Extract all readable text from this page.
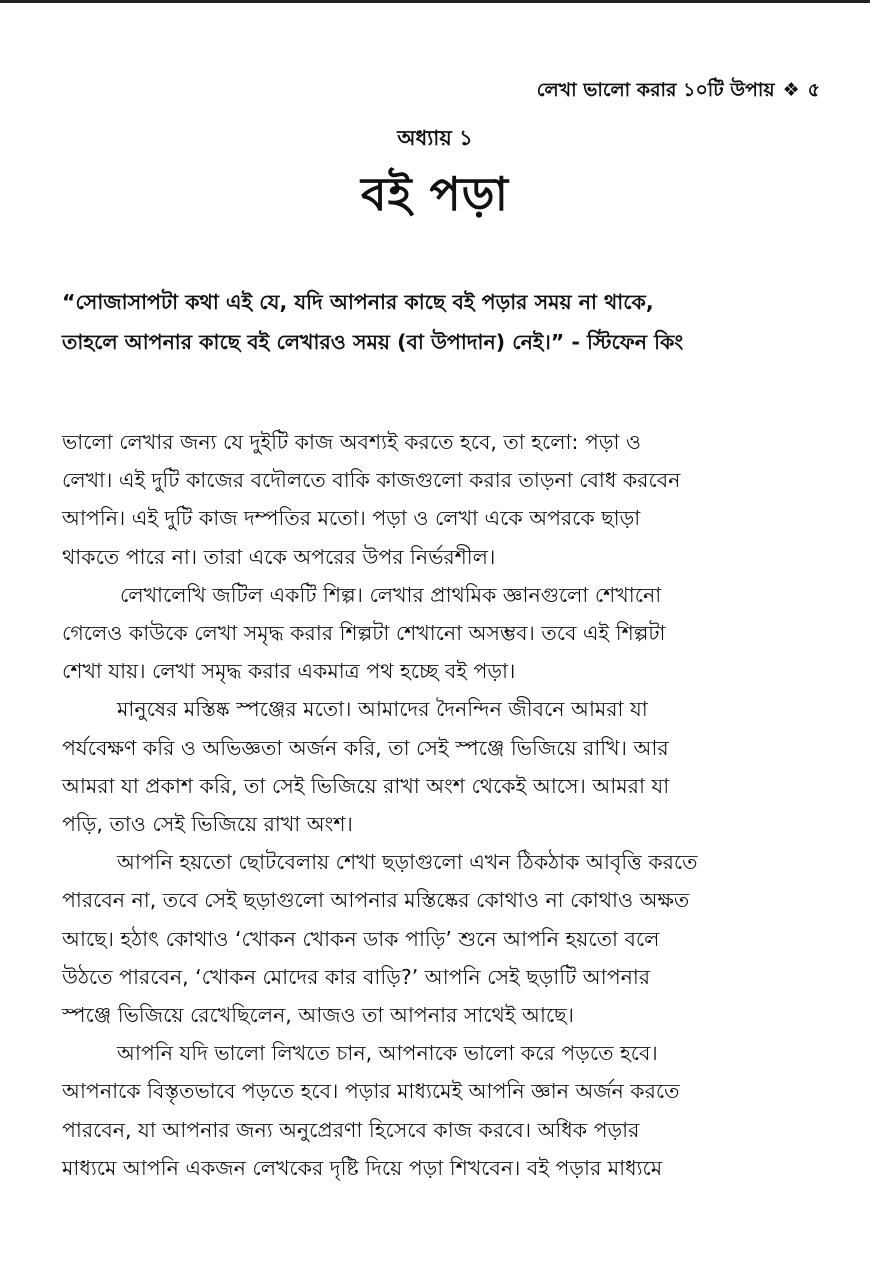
লেখা ভালো করার ১০টি উপায় ❖ ৫
অধ্যায় ১
বই পড়া
“সোজাসাপটা কথা এই যে, যদি আপনার কাছে বই পড়ার সময় না থাকে,
তাহলে আপনার কাছে বই লেখারও সময় (বা উপাদান) নেই।” - স্টিফেন কিং
ভালো লেখার জন্য যে দুইটি কাজ অবশ্যই করতে হবে, তা হলো: পড়া ও
লেখা। এই দুটি কাজের বদৌলতে বাকি কাজগুলো করার তাড়না বোধ করবেন
আপনি। এই দুটি কাজ দম্পতির মতো। পড়া ও লেখা একে অপরকে ছাড়া
থাকতে পারে না। তারা একে অপরের উপর নির্ভরশীল।
লেখালেখি জটিল একটি শিল্প। লেখার প্রাথমিক জ্ঞানগুলো শেখানো
গেলেও কাউকে লেখা সমৃদ্ধ করার শিল্পটা শেখানো অসম্ভব। তবে এই শিল্পটা
শেখা যায়। লেখা সমৃদ্ধ করার একমাত্র পথ হচ্ছে বই পড়া।
মানুষের মস্তিষ্ক স্পঞ্জের মতো। আমাদের দৈনন্দিন জীবনে আমরা যা
পর্যবেক্ষণ করি ও অভিজ্ঞতা অর্জন করি, তা সেই স্পঞ্জে ভিজিয়ে রাখি। আর
আমরা যা প্রকাশ করি, তা সেই ভিজিয়ে রাখা অংশ থেকেই আসে। আমরা যা
পড়ি, তাও সেই ভিজিয়ে রাখা অংশ।
আপনি হয়তো ছোটবেলায় শেখা ছড়াগুলো এখন ঠিকঠাক আবৃত্তি করতে
পারবেন না, তবে সেই ছড়াগুলো আপনার মস্তিষ্কের কোথাও না কোথাও অক্ষত
আছে। হঠাৎ কোথাও ‘খোকন খোকন ডাক পাড়ি’ শুনে আপনি হয়তো বলে
উঠতে পারবেন, ‘খোকন মোদের কার বাড়ি?’ আপনি সেই ছড়াটি আপনার
স্পঞ্জে ভিজিয়ে রেখেছিলেন, আজও তা আপনার সাথেই আছে।
আপনি যদি ভালো লিখতে চান, আপনাকে ভালো করে পড়তে হবে।
আপনাকে বিস্তৃতভাবে পড়তে হবে। পড়ার মাধ্যমেই আপনি জ্ঞান অর্জন করতে
পারবেন, যা আপনার জন্য অনুপ্রেরণা হিসেবে কাজ করবে। অধিক পড়ার
মাধ্যমে আপনি একজন লেখকের দৃষ্টি দিয়ে পড়া শিখবেন। বই পড়ার মাধ্যমে
